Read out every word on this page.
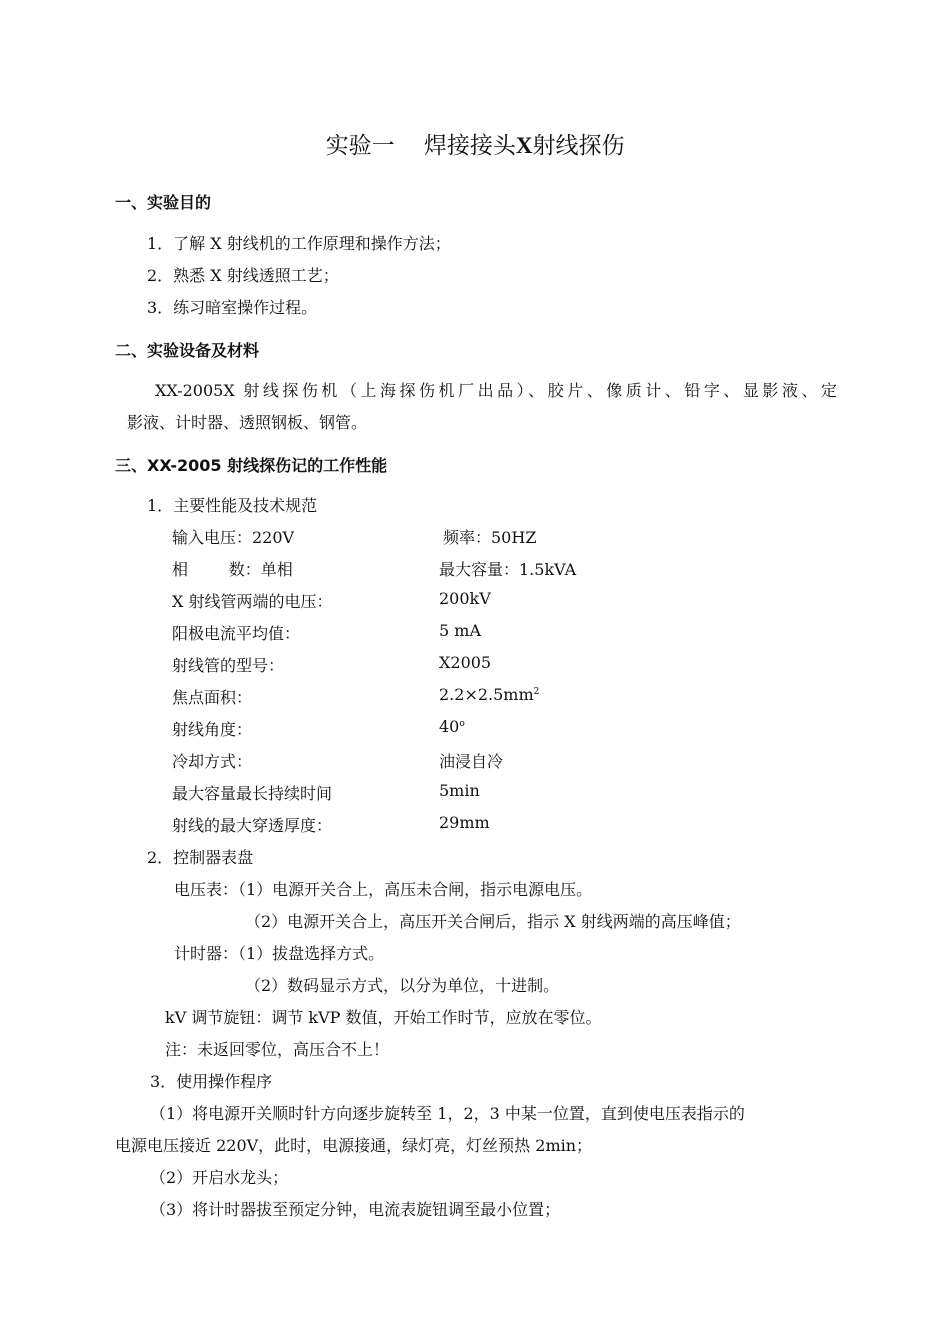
实验一 焊接接头X射线探伤
一、实验目的
1．了解 X 射线机的工作原理和操作方法；
2．熟悉 X 射线透照工艺；
3．练习暗室操作过程。
二、实验设备及材料
XX-2005X 射线探伤机（上海探伤机厂出品）、胶片、像质计、铅字、显影液、定
影液、计时器、透照钢板、钢管。
三、XX-2005 射线探伤记的工作性能
1．主要性能及技术规范
输入电压：220V	频率：50HZ
相        数：单相	最大容量：1.5kVA
X 射线管两端的电压：	200kV
阳极电流平均值：	5 mA
射线管的型号：	X2005
焦点面积：	$2.2\times 2.5mm^2$
射线角度：	40$^o$
冷却方式：	油浸自冷
最大容量最长持续时间	5min
射线的最大穿透厚度：	29mm
2．控制器表盘
电压表：（1）电源开关合上，高压未合闸，指示电源电压。
（2）电源开关合上，高压开关合闸后，指示 X 射线两端的高压峰值；
计时器：（1）拔盘选择方式。
（2）数码显示方式，以分为单位，十进制。
kV 调节旋钮：调节 kVP 数值，开始工作时节，应放在零位。
注：未返回零位，高压合不上！
3．使用操作程序
（1）将电源开关顺时针方向逐步旋转至 1，2，3 中某一位置，直到使电压表指示的
电源电压接近 220V，此时，电源接通，绿灯亮，灯丝预热 2min；
（2）开启水龙头；
（3）将计时器拔至预定分钟，电流表旋钮调至最小位置；
